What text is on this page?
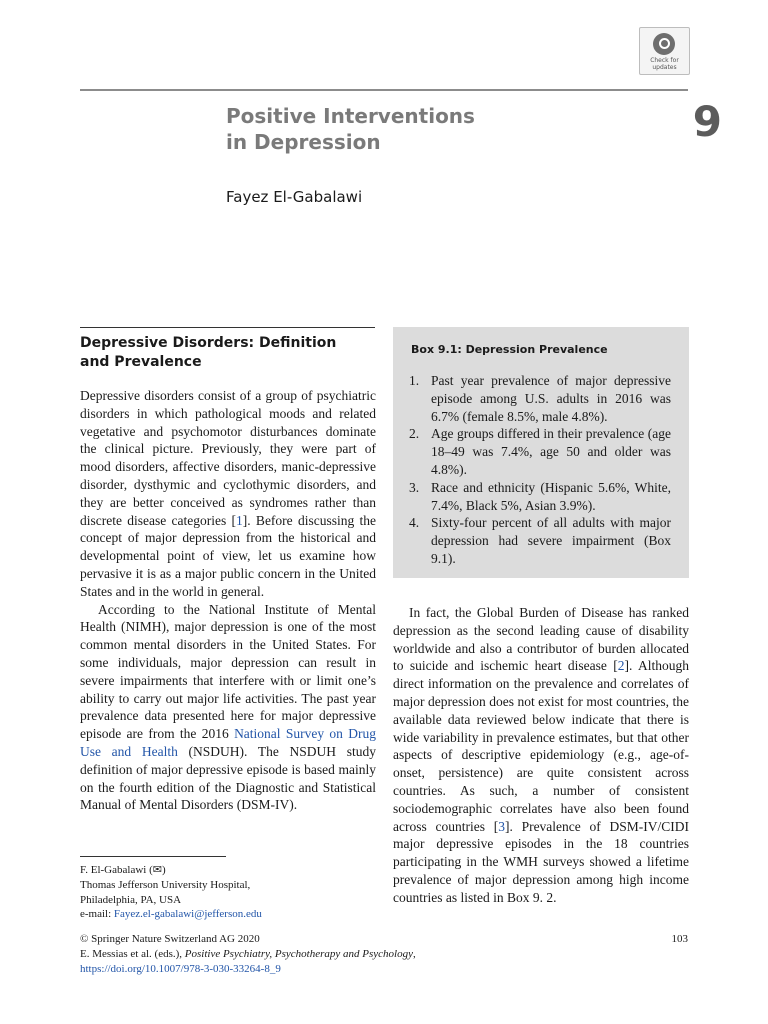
Check for
updates
Positive Interventions
in Depression	9
Fayez El-Gabalawi
Depressive Disorders: Definition
and Prevalence

Depressive disorders consist of a group of psychiatric disorders in which pathological moods and related vegetative and psychomotor disturbances dominate the clinical picture. Previously, they were part of mood disorders, affective disorders, manic-depressive disorder, dysthymic and cyclothymic disorders, and they are better conceived as syndromes rather than discrete disease categories [1]. Before discussing the concept of major depression from the historical and developmental point of view, let us examine how pervasive it is as a major public concern in the United States and in the world in general.

According to the National Institute of Mental Health (NIMH), major depression is one of the most common mental disorders in the United States. For some individuals, major depression can result in severe impairments that interfere with or limit one’s ability to carry out major life activities. The past year prevalence data presented here for major depressive episode are from the 2016 National Survey on Drug Use and Health (NSDUH). The NSDUH study definition of major depressive episode is based mainly on the fourth edition of the Diagnostic and Statistical Manual of Mental Disorders (DSM-IV).

F. El-Gabalawi (✉)
Thomas Jefferson University Hospital,
Philadelphia, PA, USA
e-mail: Fayez.el-gabalawi@jefferson.edu
Box 9.1: Depression Prevalence
1. Past year prevalence of major depressive episode among U.S. adults in 2016 was 6.7% (female 8.5%, male 4.8%).
2. Age groups differed in their prevalence (age 18–49 was 7.4%, age 50 and older was 4.8%).
3. Race and ethnicity (Hispanic 5.6%, White, 7.4%, Black 5%, Asian 3.9%).
4. Sixty-four percent of all adults with major depression had severe impairment (Box 9.1).

In fact, the Global Burden of Disease has ranked depression as the second leading cause of disability worldwide and also a contributor of burden allocated to suicide and ischemic heart disease [2]. Although direct information on the prevalence and correlates of major depression does not exist for most countries, the available data reviewed below indicate that there is wide variability in prevalence estimates, but that other aspects of descriptive epidemiology (e.g., age-of-onset, persistence) are quite consistent across countries. As such, a number of consistent sociodemographic correlates have also been found across countries [3]. Prevalence of DSM-IV/CIDI major depressive episodes in the 18 countries participating in the WMH surveys showed a lifetime prevalence of major depression among high income countries as listed in Box 9. 2.

© Springer Nature Switzerland AG 2020
E. Messias et al. (eds.), Positive Psychiatry, Psychotherapy and Psychology,
https://doi.org/10.1007/978-3-030-33264-8_9
103
